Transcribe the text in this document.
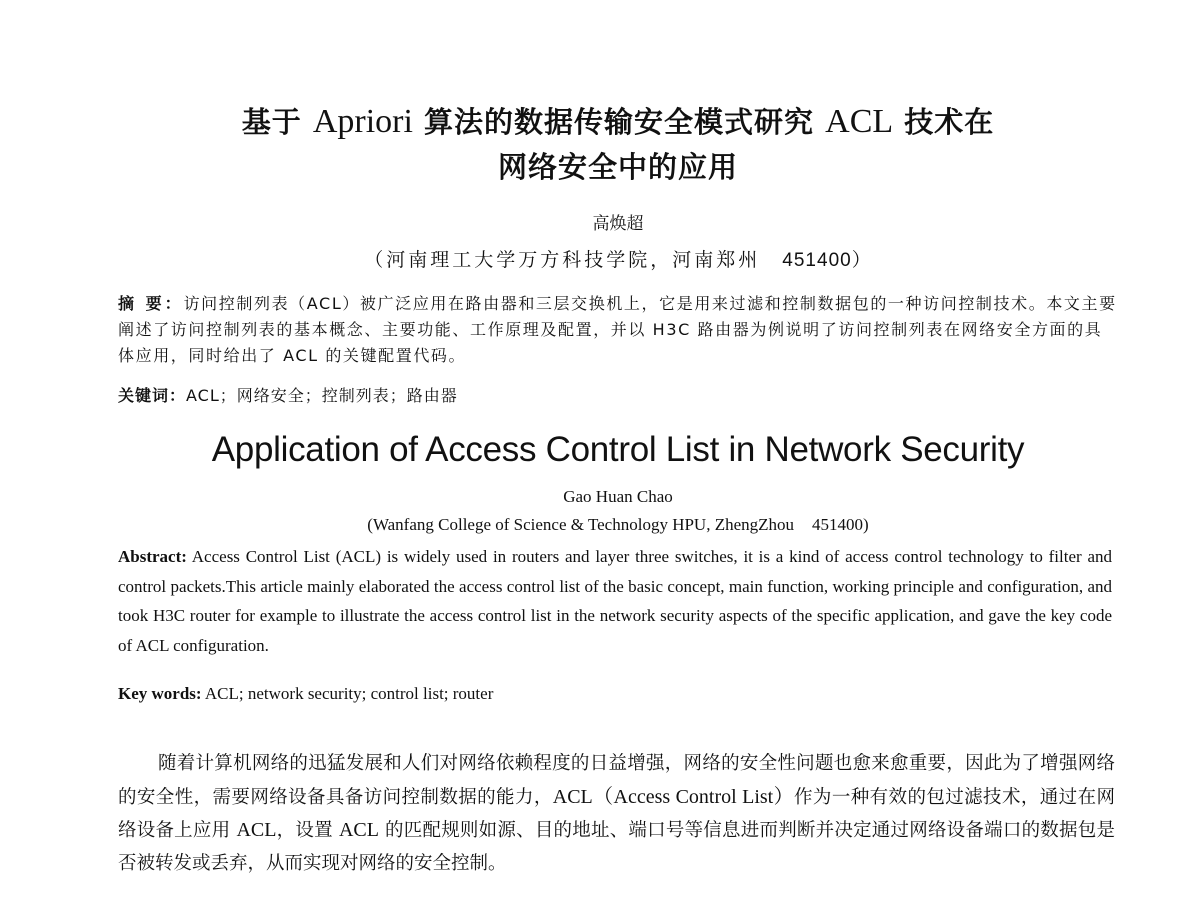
基于 Apriori 算法的数据传输安全模式研究 ACL 技术在
网络安全中的应用
高焕超
（河南理工大学万方科技学院，河南郑州 451400）
摘 要：访问控制列表（ACL）被广泛应用在路由器和三层交换机上，它是用来过滤和控制数据包的一种访问控制技术。本文主要阐述了访问控制列表的基本概念、主要功能、工作原理及配置，并以 H3C 路由器为例说明了访问控制列表在网络安全方面的具体应用，同时给出了 ACL 的关键配置代码。
关键词：ACL；网络安全；控制列表；路由器
Application of Access Control List in Network Security
Gao Huan Chao
(Wanfang College of Science & Technology HPU, ZhengZhou 451400)
Abstract: Access Control List (ACL) is widely used in routers and layer three switches, it is a kind of access control technology to filter and control packets.This article mainly elaborated the access control list of the basic concept, main function, working principle and configuration, and took H3C router for example to illustrate the access control list in the network security aspects of the specific application, and gave the key code of ACL configuration.
Key words: ACL; network security; control list; router
随着计算机网络的迅猛发展和人们对网络依赖程度的日益增强，网络的安全性问题也愈来愈重要，因此为了增强网络的安全性，需要网络设备具备访问控制数据的能力，ACL（Access Control List）作为一种有效的包过滤技术，通过在网络设备上应用 ACL，设置 ACL 的匹配规则如源、目的地址、端口号等信息进而判断并决定通过网络设备端口的数据包是否被转发或丢弃，从而实现对网络的安全控制。
